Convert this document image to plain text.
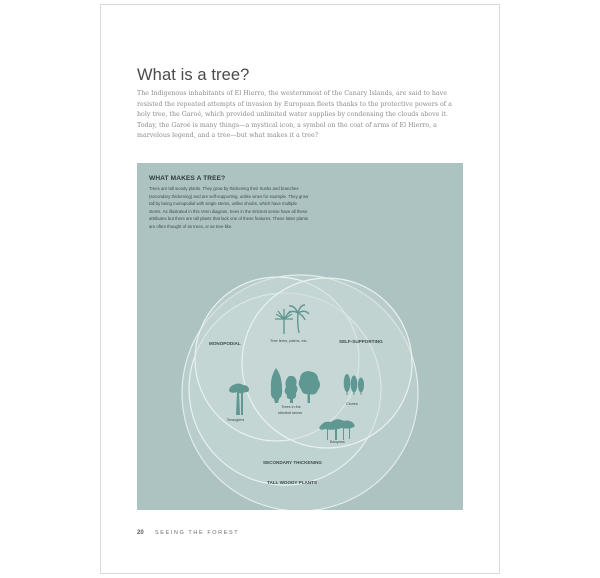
What is a tree?

The Indigenous inhabitants of El Hierro, the westernmost of the Canary Islands, are said to have resisted the repeated attempts of invasion by European fleets thanks to the protective powers of a holy tree, the Garoé, which provided unlimited water supplies by condensing the clouds above it. Today, the Garoé is many things—a mystical icon, a symbol on the coat of arms of El Hierro, a marvelous legend, and a tree—but what makes it a tree?

WHAT MAKES A TREE?

Trees are tall woody plants. They grow by thickening their trunks and branches (secondary thickening) and are self-supporting, unlike vines for example. They grow tall by being monopodial with single stems, unlike shrubs, which have multiple stems. As illustrated in this Venn diagram, trees in the strictest sense have all these attributes but there are tall plants that lack one of these features. These latter plants are often thought of as trees, or as tree-like.

MONOPODIAL	SELF-SUPPORTING
SECONDARY THICKENING
TALL WOODY PLANTS
Tree ferns, palms, etc.
Stranglers
Trees in the
strictest sense
Clones
Banyans
20 SEEING THE FOREST
